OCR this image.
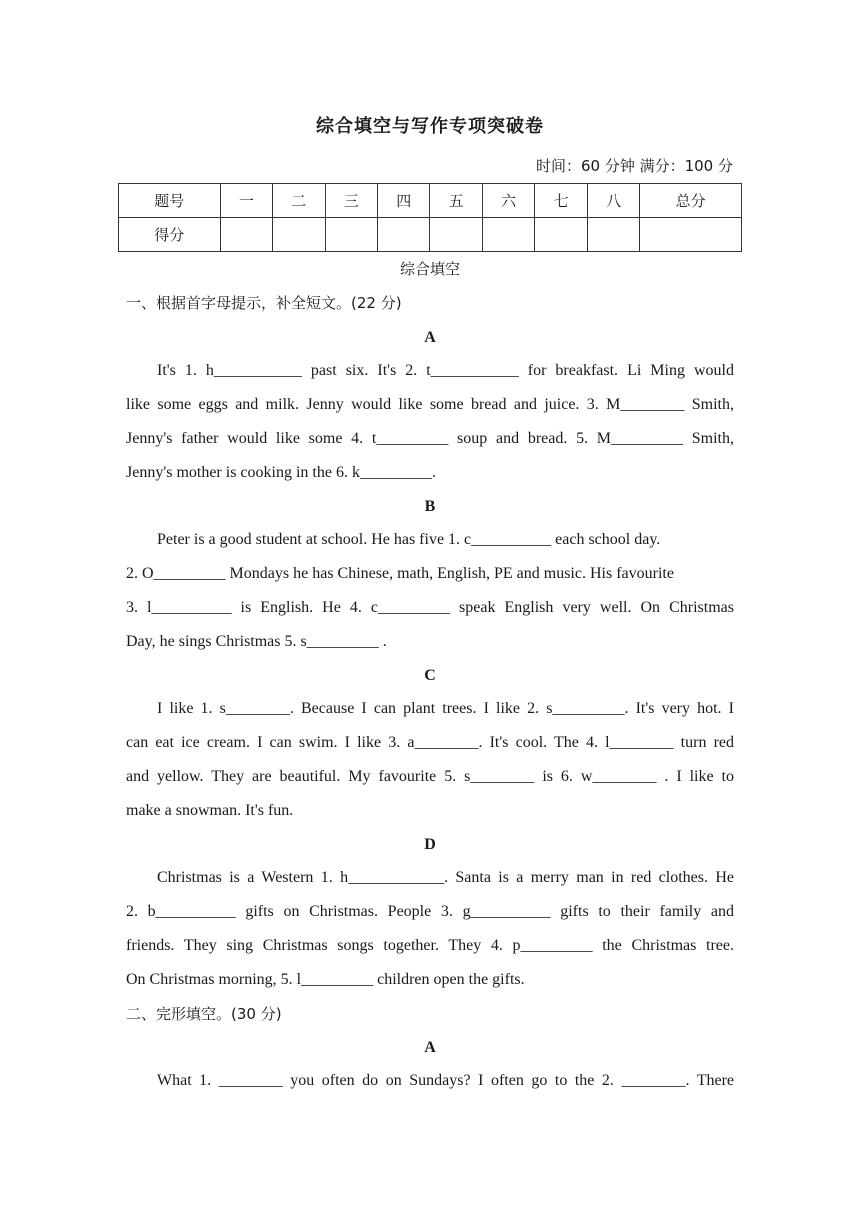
综合填空与写作专项突破卷
时间：60 分钟 满分：100 分
题号	一	二	三	四	五	六	七	八	总分
得分									
综合填空
一、根据首字母提示，补全短文。(22 分)
A
It's 1. h___________ past six. It's 2. t___________ for breakfast. Li Ming would
like some eggs and milk. Jenny would like some bread and juice. 3. M________ Smith,
Jenny's father would like some 4. t_________ soup and bread. 5. M_________ Smith,
Jenny's mother is cooking in the 6. k_________.
B
Peter is a good student at school. He has five 1. c__________ each school day.
2. O_________ Mondays he has Chinese, math, English, PE and music. His favourite
3. l__________ is English. He 4. c_________ speak English very well. On Christmas
Day, he sings Christmas 5. s_________ .
C
I like 1. s________. Because I can plant trees. I like 2. s_________. It's very hot. I
can eat ice cream. I can swim. I like 3. a________. It's cool. The 4. l________ turn red
and yellow. They are beautiful. My favourite 5. s________ is 6. w________ . I like to
make a snowman. It's fun.
D
Christmas is a Western 1. h____________. Santa is a merry man in red clothes. He
2. b__________ gifts on Christmas. People 3. g__________ gifts to their family and
friends. They sing Christmas songs together. They 4. p_________ the Christmas tree.
On Christmas morning, 5. l_________ children open the gifts.
二、完形填空。(30 分)
A
What 1. ________ you often do on Sundays? I often go to the 2. ________. There
